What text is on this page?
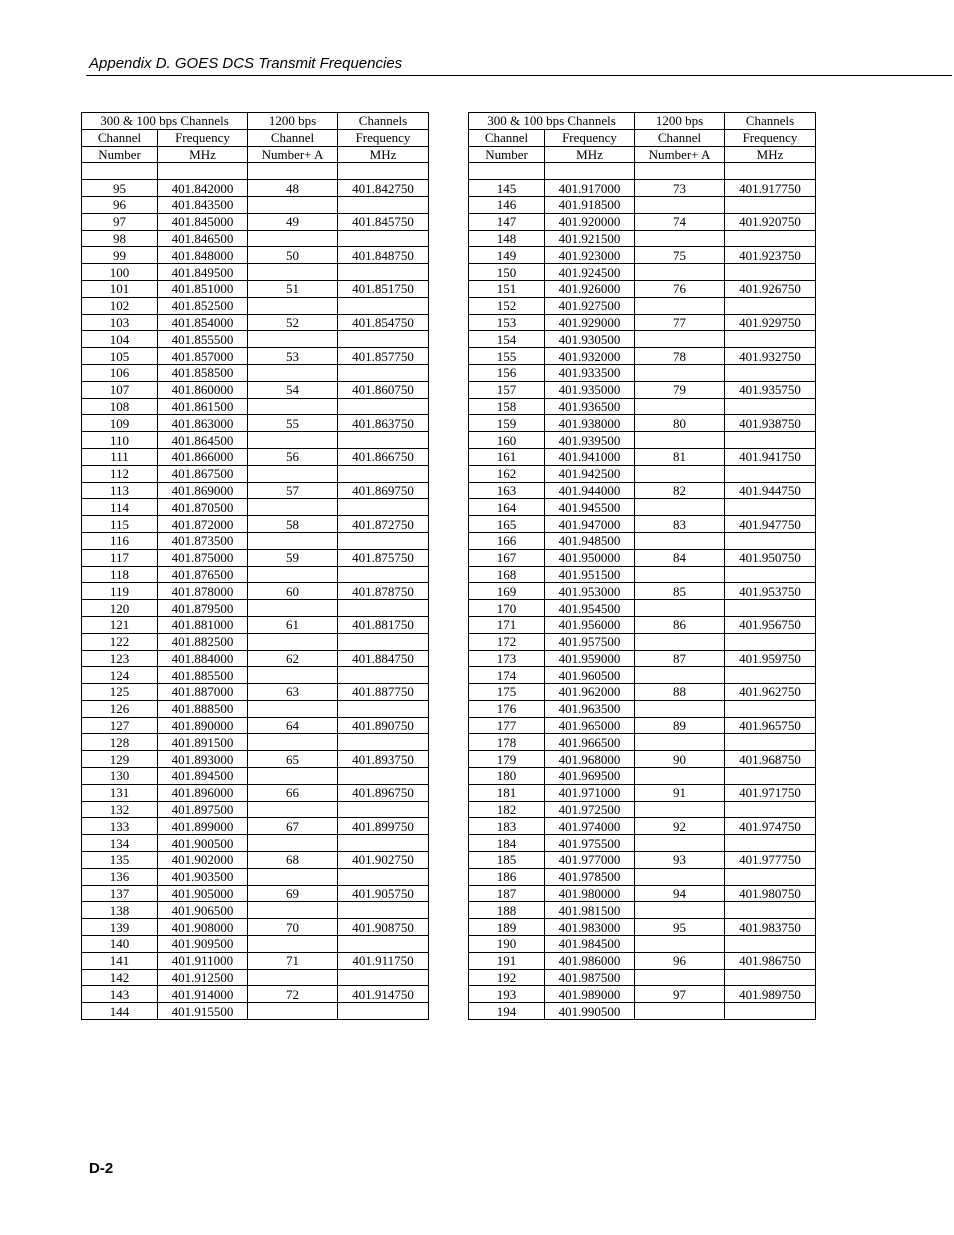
Appendix D. GOES DCS Transmit Frequencies
300 & 100 bps Channels		1200 bps	Channels
Channel	Frequency	Channel	Frequency
Number	MHz	Number+ A	MHz

95	401.842000	48	401.842750
96	401.843500		
97	401.845000	49	401.845750
98	401.846500		
99	401.848000	50	401.848750
100	401.849500		
101	401.851000	51	401.851750
102	401.852500		
103	401.854000	52	401.854750
104	401.855500		
105	401.857000	53	401.857750
106	401.858500		
107	401.860000	54	401.860750
108	401.861500		
109	401.863000	55	401.863750
110	401.864500		
111	401.866000	56	401.866750
112	401.867500		
113	401.869000	57	401.869750
114	401.870500		
115	401.872000	58	401.872750
116	401.873500		
117	401.875000	59	401.875750
118	401.876500		
119	401.878000	60	401.878750
120	401.879500		
121	401.881000	61	401.881750
122	401.882500		
123	401.884000	62	401.884750
124	401.885500		
125	401.887000	63	401.887750
126	401.888500		
127	401.890000	64	401.890750
128	401.891500		
129	401.893000	65	401.893750
130	401.894500		
131	401.896000	66	401.896750
132	401.897500		
133	401.899000	67	401.899750
134	401.900500		
135	401.902000	68	401.902750
136	401.903500		
137	401.905000	69	401.905750
138	401.906500		
139	401.908000	70	401.908750
140	401.909500		
141	401.911000	71	401.911750
142	401.912500		
143	401.914000	72	401.914750
144	401.915500		
300 & 100 bps Channels		1200 bps	Channels
Channel	Frequency	Channel	Frequency
Number	MHz	Number+ A	MHz

145	401.917000	73	401.917750
146	401.918500		
147	401.920000	74	401.920750
148	401.921500		
149	401.923000	75	401.923750
150	401.924500		
151	401.926000	76	401.926750
152	401.927500		
153	401.929000	77	401.929750
154	401.930500		
155	401.932000	78	401.932750
156	401.933500		
157	401.935000	79	401.935750
158	401.936500		
159	401.938000	80	401.938750
160	401.939500		
161	401.941000	81	401.941750
162	401.942500		
163	401.944000	82	401.944750
164	401.945500		
165	401.947000	83	401.947750
166	401.948500		
167	401.950000	84	401.950750
168	401.951500		
169	401.953000	85	401.953750
170	401.954500		
171	401.956000	86	401.956750
172	401.957500		
173	401.959000	87	401.959750
174	401.960500		
175	401.962000	88	401.962750
176	401.963500		
177	401.965000	89	401.965750
178	401.966500		
179	401.968000	90	401.968750
180	401.969500		
181	401.971000	91	401.971750
182	401.972500		
183	401.974000	92	401.974750
184	401.975500		
185	401.977000	93	401.977750
186	401.978500		
187	401.980000	94	401.980750
188	401.981500		
189	401.983000	95	401.983750
190	401.984500		
191	401.986000	96	401.986750
192	401.987500		
193	401.989000	97	401.989750
194	401.990500		
D-2
